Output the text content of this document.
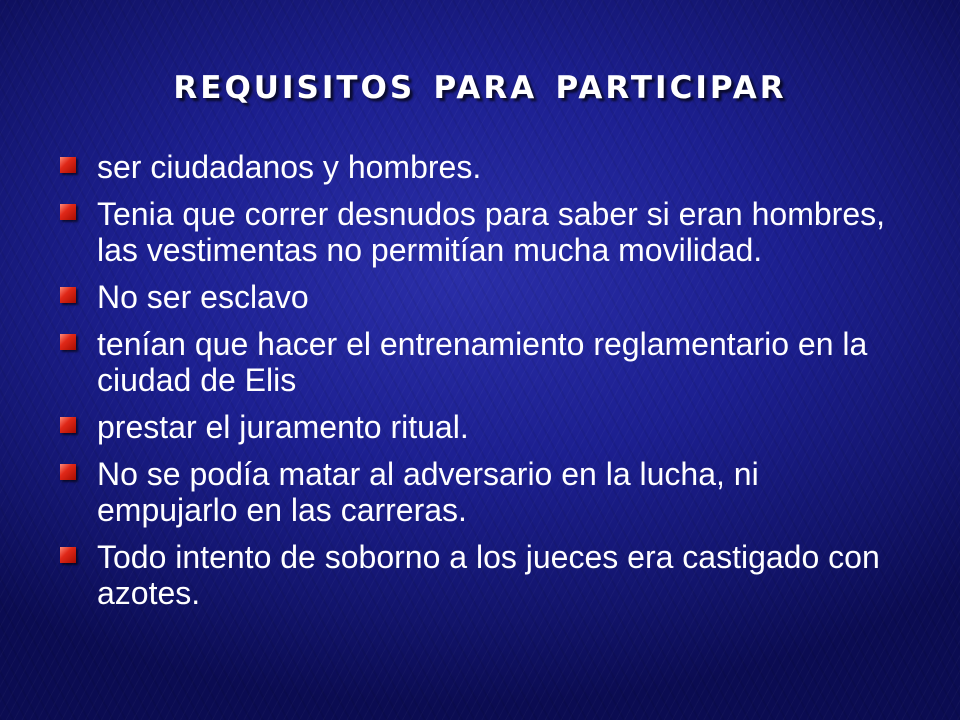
requisitos para participar
ser ciudadanos y hombres.
Tenia que correr desnudos para saber si eran hombres, las vestimentas no permitían mucha movilidad.
No ser esclavo
tenían que hacer el entrenamiento reglamentario en la ciudad de Elis
prestar el juramento ritual.
No se podía matar al adversario en la lucha, ni empujarlo en las carreras.
Todo intento de soborno a los jueces era castigado con azotes.
